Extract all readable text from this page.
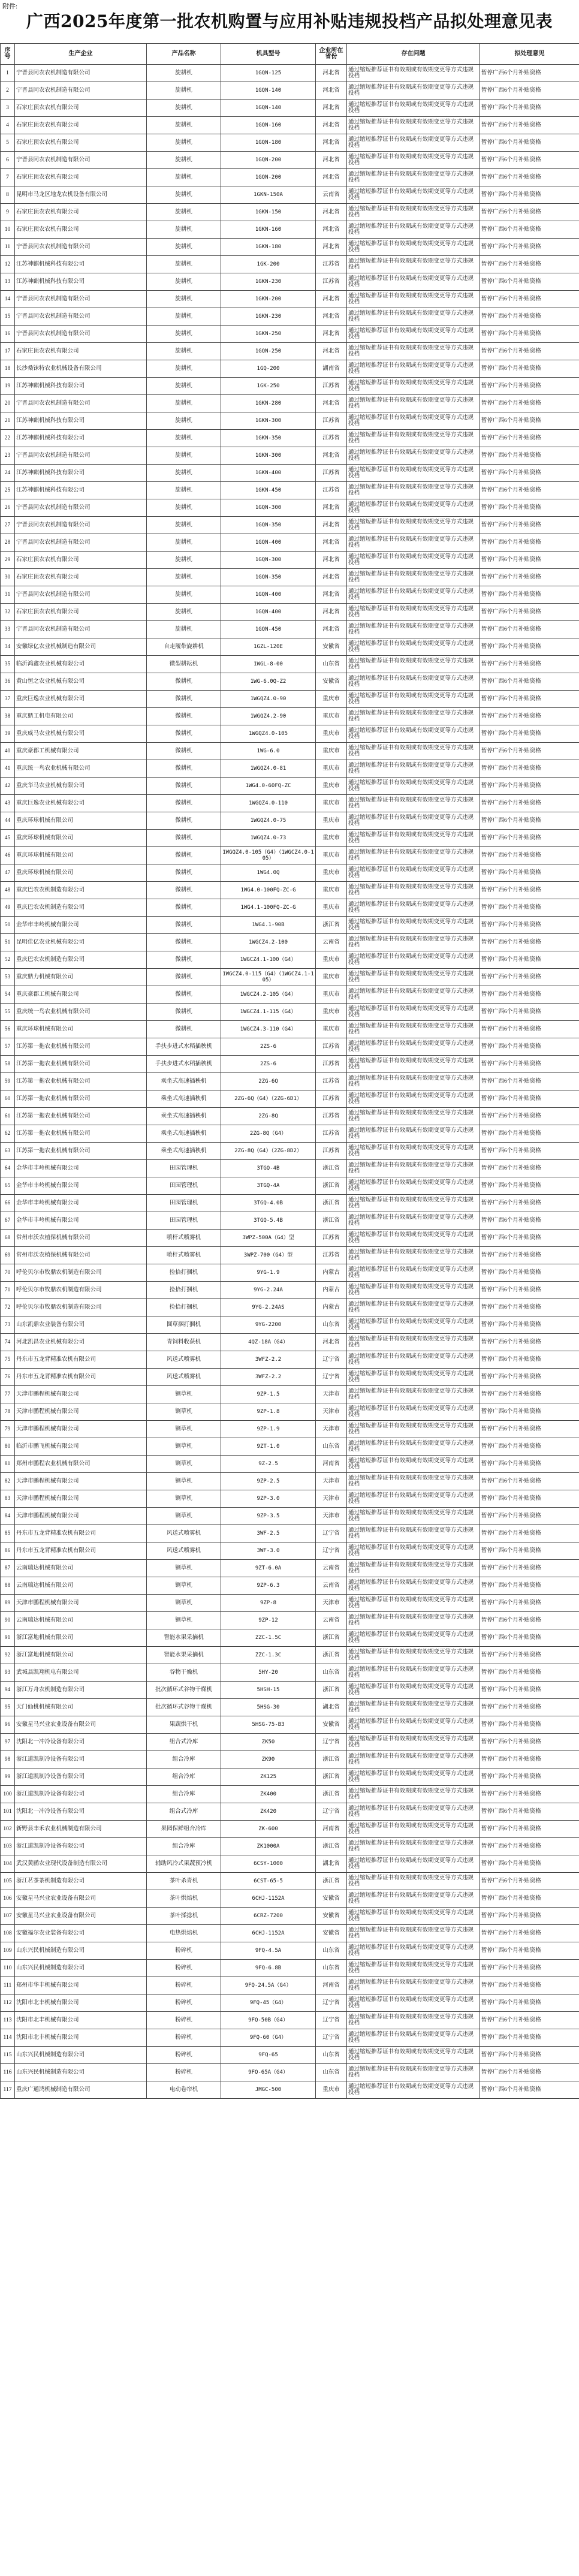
附件:
广西2025年度第一批农机购置与应用补贴违规投档产品拟处理意见表
序号	生产企业	产品名称	机具型号	企业所在省份	存在问题	拟处理意见
1	宁晋县同农农机制造有限公司	旋耕机	1GQN-125	河北省	通过缩短推荐证书有效期或有效期变更等方式违规投档	暂停广西6个月补贴资格
2	宁晋县同农农机制造有限公司	旋耕机	1GQN-140	河北省	通过缩短推荐证书有效期或有效期变更等方式违规投档	暂停广西6个月补贴资格
3	石家庄顶农农机有限公司	旋耕机	1GQN-140	河北省	通过缩短推荐证书有效期或有效期变更等方式违规投档	暂停广西6个月补贴资格
4	石家庄顶农农机有限公司	旋耕机	1GQN-160	河北省	通过缩短推荐证书有效期或有效期变更等方式违规投档	暂停广西6个月补贴资格
5	石家庄顶农农机有限公司	旋耕机	1GQN-180	河北省	通过缩短推荐证书有效期或有效期变更等方式违规投档	暂停广西6个月补贴资格
6	宁晋县同农农机制造有限公司	旋耕机	1GQN-200	河北省	通过缩短推荐证书有效期或有效期变更等方式违规投档	暂停广西6个月补贴资格
7	石家庄顶农农机有限公司	旋耕机	1GQN-200	河北省	通过缩短推荐证书有效期或有效期变更等方式违规投档	暂停广西6个月补贴资格
8	昆明市马龙区地龙农机设备有限公司	旋耕机	1GKN-150A	云南省	通过缩短推荐证书有效期或有效期变更等方式违规投档	暂停广西6个月补贴资格
9	石家庄顶农农机有限公司	旋耕机	1GKN-150	河北省	通过缩短推荐证书有效期或有效期变更等方式违规投档	暂停广西6个月补贴资格
10	石家庄顶农农机有限公司	旋耕机	1GKN-160	河北省	通过缩短推荐证书有效期或有效期变更等方式违规投档	暂停广西6个月补贴资格
11	宁晋县同农农机制造有限公司	旋耕机	1GKN-180	河北省	通过缩短推荐证书有效期或有效期变更等方式违规投档	暂停广西6个月补贴资格
12	江苏神麒机械科技有限公司	旋耕机	1GK-200	江苏省	通过缩短推荐证书有效期或有效期变更等方式违规投档	暂停广西6个月补贴资格
13	江苏神麒机械科技有限公司	旋耕机	1GKN-230	江苏省	通过缩短推荐证书有效期或有效期变更等方式违规投档	暂停广西6个月补贴资格
14	宁晋县同农农机制造有限公司	旋耕机	1GKN-200	河北省	通过缩短推荐证书有效期或有效期变更等方式违规投档	暂停广西6个月补贴资格
15	宁晋县同农农机制造有限公司	旋耕机	1GKN-230	河北省	通过缩短推荐证书有效期或有效期变更等方式违规投档	暂停广西6个月补贴资格
16	宁晋县同农农机制造有限公司	旋耕机	1GKN-250	河北省	通过缩短推荐证书有效期或有效期变更等方式违规投档	暂停广西6个月补贴资格
17	石家庄顶农农机有限公司	旋耕机	1GQN-250	河北省	通过缩短推荐证书有效期或有效期变更等方式违规投档	暂停广西6个月补贴资格
18	长沙桑铼特农业机械设备有限公司	旋耕机	1GQ-200	湖南省	通过缩短推荐证书有效期或有效期变更等方式违规投档	暂停广西6个月补贴资格
19	江苏神麒机械科技有限公司	旋耕机	1GK-250	江苏省	通过缩短推荐证书有效期或有效期变更等方式违规投档	暂停广西6个月补贴资格
20	宁晋县同农农机制造有限公司	旋耕机	1GKN-280	河北省	通过缩短推荐证书有效期或有效期变更等方式违规投档	暂停广西6个月补贴资格
21	江苏神麒机械科技有限公司	旋耕机	1GKN-300	江苏省	通过缩短推荐证书有效期或有效期变更等方式违规投档	暂停广西6个月补贴资格
22	江苏神麒机械科技有限公司	旋耕机	1GKN-350	江苏省	通过缩短推荐证书有效期或有效期变更等方式违规投档	暂停广西6个月补贴资格
23	宁晋县同农农机制造有限公司	旋耕机	1GKN-300	河北省	通过缩短推荐证书有效期或有效期变更等方式违规投档	暂停广西6个月补贴资格
24	江苏神麒机械科技有限公司	旋耕机	1GKN-400	江苏省	通过缩短推荐证书有效期或有效期变更等方式违规投档	暂停广西6个月补贴资格
25	江苏神麒机械科技有限公司	旋耕机	1GKN-450	江苏省	通过缩短推荐证书有效期或有效期变更等方式违规投档	暂停广西6个月补贴资格
26	宁晋县同农农机制造有限公司	旋耕机	1GQN-300	河北省	通过缩短推荐证书有效期或有效期变更等方式违规投档	暂停广西6个月补贴资格
27	宁晋县同农农机制造有限公司	旋耕机	1GQN-350	河北省	通过缩短推荐证书有效期或有效期变更等方式违规投档	暂停广西6个月补贴资格
28	宁晋县同农农机制造有限公司	旋耕机	1GQN-400	河北省	通过缩短推荐证书有效期或有效期变更等方式违规投档	暂停广西6个月补贴资格
29	石家庄顶农农机有限公司	旋耕机	1GQN-300	河北省	通过缩短推荐证书有效期或有效期变更等方式违规投档	暂停广西6个月补贴资格
30	石家庄顶农农机有限公司	旋耕机	1GQN-350	河北省	通过缩短推荐证书有效期或有效期变更等方式违规投档	暂停广西6个月补贴资格
31	宁晋县同农农机制造有限公司	旋耕机	1GQN-400	河北省	通过缩短推荐证书有效期或有效期变更等方式违规投档	暂停广西6个月补贴资格
32	石家庄顶农农机有限公司	旋耕机	1GQN-400	河北省	通过缩短推荐证书有效期或有效期变更等方式违规投档	暂停广西6个月补贴资格
33	宁晋县同农农机制造有限公司	旋耕机	1GQN-450	河北省	通过缩短推荐证书有效期或有效期变更等方式违规投档	暂停广西6个月补贴资格
34	安徽绿亿农业机械制造有限公司	自走履带旋耕机	1GZL-120E	安徽省	通过缩短推荐证书有效期或有效期变更等方式违规投档	暂停广西6个月补贴资格
35	临沂鸿鑫农业机械有限公司	微型耕耘机	1WGL-8-00	山东省	通过缩短推荐证书有效期或有效期变更等方式违规投档	暂停广西6个月补贴资格
36	黄山恒之农业机械有限公司	微耕机	1WG-6.0Q-Z2	安徽省	通过缩短推荐证书有效期或有效期变更等方式违规投档	暂停广西6个月补贴资格
37	重庆巨逸农业机械有限公司	微耕机	1WGQZ4.0-90	重庆市	通过缩短推荐证书有效期或有效期变更等方式违规投档	暂停广西6个月补贴资格
38	重庆鼎工机电有限公司	微耕机	1WGQZ4.2-90	重庆市	通过缩短推荐证书有效期或有效期变更等方式违规投档	暂停广西6个月补贴资格
39	重庆威马农业机械有限公司	微耕机	1WGQZ4.0-105	重庆市	通过缩短推荐证书有效期或有效期变更等方式违规投档	暂停广西6个月补贴资格
40	重庆豪郡工机械有限公司	微耕机	1WG-6.0	重庆市	通过缩短推荐证书有效期或有效期变更等方式违规投档	暂停广西6个月补贴资格
41	重庆统一鸟农业机械有限公司	微耕机	1WGQZ4.0-81	重庆市	通过缩短推荐证书有效期或有效期变更等方式违规投档	暂停广西6个月补贴资格
42	重庆华马农业机械有限公司	微耕机	1WG4.0-60FQ-ZC	重庆市	通过缩短推荐证书有效期或有效期变更等方式违规投档	暂停广西6个月补贴资格
43	重庆巨逸农业机械有限公司	微耕机	1WGQZ4.0-110	重庆市	通过缩短推荐证书有效期或有效期变更等方式违规投档	暂停广西6个月补贴资格
44	重庆环球机械有限公司	微耕机	1WGQZ4.0-75	重庆市	通过缩短推荐证书有效期或有效期变更等方式违规投档	暂停广西6个月补贴资格
45	重庆环球机械有限公司	微耕机	1WGQZ4.0-73	重庆市	通过缩短推荐证书有效期或有效期变更等方式违规投档	暂停广西6个月补贴资格
46	重庆环球机械有限公司	微耕机	1WGQZ4.0-105（G4）（1WGCZ4.0-105）	重庆市	通过缩短推荐证书有效期或有效期变更等方式违规投档	暂停广西6个月补贴资格
47	重庆环球机械有限公司	微耕机	1WG4.0Q	重庆市	通过缩短推荐证书有效期或有效期变更等方式违规投档	暂停广西6个月补贴资格
48	重庆巴农农机制造有限公司	微耕机	1WG4.0-100FQ-ZC-G	重庆市	通过缩短推荐证书有效期或有效期变更等方式违规投档	暂停广西6个月补贴资格
49	重庆巴农农机制造有限公司	微耕机	1WG4.1-100FQ-ZC-G	重庆市	通过缩短推荐证书有效期或有效期变更等方式违规投档	暂停广西6个月补贴资格
50	金华市丰岭机械有限公司	微耕机	1WG4.1-90B	浙江省	通过缩短推荐证书有效期或有效期变更等方式违规投档	暂停广西6个月补贴资格
51	昆明佳亿农业机械有限公司	微耕机	1WGCZ4.2-100	云南省	通过缩短推荐证书有效期或有效期变更等方式违规投档	暂停广西6个月补贴资格
52	重庆巴农农机制造有限公司	微耕机	1WGCZ4.1-100（G4）	重庆市	通过缩短推荐证书有效期或有效期变更等方式违规投档	暂停广西6个月补贴资格
53	重庆鼎力机械有限公司	微耕机	1WGCZ4.0-115（G4）（1WGCZ4.1-105）	重庆市	通过缩短推荐证书有效期或有效期变更等方式违规投档	暂停广西6个月补贴资格
54	重庆豪郡工机械有限公司	微耕机	1WGCZ4.2-105（G4）	重庆市	通过缩短推荐证书有效期或有效期变更等方式违规投档	暂停广西6个月补贴资格
55	重庆统一鸟农业机械有限公司	微耕机	1WGCZ4.1-115（G4）	重庆市	通过缩短推荐证书有效期或有效期变更等方式违规投档	暂停广西6个月补贴资格
56	重庆环球机械有限公司	微耕机	1WGCZ4.3-110（G4）	重庆市	通过缩短推荐证书有效期或有效期变更等方式违规投档	暂停广西6个月补贴资格
57	江苏第一拖农业机械有限公司	手扶步进式水稻插秧机	2ZS-6	江苏省	通过缩短推荐证书有效期或有效期变更等方式违规投档	暂停广西6个月补贴资格
58	江苏第一拖农业机械有限公司	手扶步进式水稻插秧机	2ZS-6	江苏省	通过缩短推荐证书有效期或有效期变更等方式违规投档	暂停广西6个月补贴资格
59	江苏第一拖农业机械有限公司	乘坐式高速插秧机	2ZG-6Q	江苏省	通过缩短推荐证书有效期或有效期变更等方式违规投档	暂停广西6个月补贴资格
60	江苏第一拖农业机械有限公司	乘坐式高速插秧机	2ZG-6Q（G4）（2ZG-6D1）	江苏省	通过缩短推荐证书有效期或有效期变更等方式违规投档	暂停广西6个月补贴资格
61	江苏第一拖农业机械有限公司	乘坐式高速插秧机	2ZG-8Q	江苏省	通过缩短推荐证书有效期或有效期变更等方式违规投档	暂停广西6个月补贴资格
62	江苏第一拖农业机械有限公司	乘坐式高速插秧机	2ZG-8Q（G4）	江苏省	通过缩短推荐证书有效期或有效期变更等方式违规投档	暂停广西6个月补贴资格
63	江苏第一拖农业机械有限公司	乘坐式高速插秧机	2ZG-8Q（G4）（2ZG-8D2）	江苏省	通过缩短推荐证书有效期或有效期变更等方式违规投档	暂停广西6个月补贴资格
64	金华市丰岭机械有限公司	田园管理机	3TGQ-4B	浙江省	通过缩短推荐证书有效期或有效期变更等方式违规投档	暂停广西6个月补贴资格
65	金华市丰岭机械有限公司	田园管理机	3TGQ-4A	浙江省	通过缩短推荐证书有效期或有效期变更等方式违规投档	暂停广西6个月补贴资格
66	金华市丰岭机械有限公司	田园管理机	3TGQ-4.0B	浙江省	通过缩短推荐证书有效期或有效期变更等方式违规投档	暂停广西6个月补贴资格
67	金华市丰岭机械有限公司	田园管理机	3TGQ-5.4B	浙江省	通过缩短推荐证书有效期或有效期变更等方式违规投档	暂停广西6个月补贴资格
68	常州市沃农植保机械有限公司	喷杆式喷雾机	3WPZ-500A（G4）型	江苏省	通过缩短推荐证书有效期或有效期变更等方式违规投档	暂停广西6个月补贴资格
69	常州市沃农植保机械有限公司	喷杆式喷雾机	3WPZ-700（G4）型	江苏省	通过缩短推荐证书有效期或有效期变更等方式违规投档	暂停广西6个月补贴资格
70	呼伦贝尔市牧鼎农机制造有限公司	捡拾打捆机	9YG-1.9	内蒙古	通过缩短推荐证书有效期或有效期变更等方式违规投档	暂停广西6个月补贴资格
71	呼伦贝尔市牧鼎农机制造有限公司	捡拾打捆机	9YG-2.24A	内蒙古	通过缩短推荐证书有效期或有效期变更等方式违规投档	暂停广西6个月补贴资格
72	呼伦贝尔市牧鼎农机制造有限公司	捡拾打捆机	9YG-2.24AS	内蒙古	通过缩短推荐证书有效期或有效期变更等方式违规投档	暂停广西6个月补贴资格
73	山东凯鼎农业装备有限公司	圆草捆打捆机	9YG-2200	山东省	通过缩短推荐证书有效期或有效期变更等方式违规投档	暂停广西6个月补贴资格
74	河北凯昌农业机械有限公司	青饲料收获机	4QZ-18A（G4）	河北省	通过缩短推荐证书有效期或有效期变更等方式违规投档	暂停广西6个月补贴资格
75	丹东市五龙背精准农机有限公司	风送式喷雾机	3WFZ-2.2	辽宁省	通过缩短推荐证书有效期或有效期变更等方式违规投档	暂停广西6个月补贴资格
76	丹东市五龙背精准农机有限公司	风送式喷雾机	3WFZ-2.2	辽宁省	通过缩短推荐证书有效期或有效期变更等方式违规投档	暂停广西6个月补贴资格
77	天津市鹏程机械有限公司	铡草机	9ZP-1.5	天津市	通过缩短推荐证书有效期或有效期变更等方式违规投档	暂停广西6个月补贴资格
78	天津市鹏程机械有限公司	铡草机	9ZP-1.8	天津市	通过缩短推荐证书有效期或有效期变更等方式违规投档	暂停广西6个月补贴资格
79	天津市鹏程机械有限公司	铡草机	9ZP-1.9	天津市	通过缩短推荐证书有效期或有效期变更等方式违规投档	暂停广西6个月补贴资格
80	临沂市鹏飞机械有限公司	铡草机	9ZT-1.0	山东省	通过缩短推荐证书有效期或有效期变更等方式违规投档	暂停广西6个月补贴资格
81	郑州市鹏程农业机械有限公司	铡草机	9Z-2.5	河南省	通过缩短推荐证书有效期或有效期变更等方式违规投档	暂停广西6个月补贴资格
82	天津市鹏程机械有限公司	铡草机	9ZP-2.5	天津市	通过缩短推荐证书有效期或有效期变更等方式违规投档	暂停广西6个月补贴资格
83	天津市鹏程机械有限公司	铡草机	9ZP-3.0	天津市	通过缩短推荐证书有效期或有效期变更等方式违规投档	暂停广西6个月补贴资格
84	天津市鹏程机械有限公司	铡草机	9ZP-3.5	天津市	通过缩短推荐证书有效期或有效期变更等方式违规投档	暂停广西6个月补贴资格
85	丹东市五龙背精准农机有限公司	风送式喷雾机	3WF-2.5	辽宁省	通过缩短推荐证书有效期或有效期变更等方式违规投档	暂停广西6个月补贴资格
86	丹东市五龙背精准农机有限公司	风送式喷雾机	3WF-3.0	辽宁省	通过缩短推荐证书有效期或有效期变更等方式违规投档	暂停广西6个月补贴资格
87	云南瑞达机械有限公司	铡草机	9ZT-6.0A	云南省	通过缩短推荐证书有效期或有效期变更等方式违规投档	暂停广西6个月补贴资格
88	云南瑞达机械有限公司	铡草机	9ZP-6.3	云南省	通过缩短推荐证书有效期或有效期变更等方式违规投档	暂停广西6个月补贴资格
89	天津市鹏程机械有限公司	铡草机	9ZP-8	天津市	通过缩短推荐证书有效期或有效期变更等方式违规投档	暂停广西6个月补贴资格
90	云南瑞达机械有限公司	铡草机	9ZP-12	云南省	通过缩短推荐证书有效期或有效期变更等方式违规投档	暂停广西6个月补贴资格
91	浙江富地机械有限公司	智能水果采摘机	ZZC-1.5C	浙江省	通过缩短推荐证书有效期或有效期变更等方式违规投档	暂停广西6个月补贴资格
92	浙江富地机械有限公司	智能水果采摘机	ZZC-1.3C	浙江省	通过缩短推荐证书有效期或有效期变更等方式违规投档	暂停广西6个月补贴资格
93	武城县凯翔机电有限公司	谷物干燥机	5HY-20	山东省	通过缩短推荐证书有效期或有效期变更等方式违规投档	暂停广西6个月补贴资格
94	浙江万舟农机制造有限公司	批次循环式谷物干燥机	5HSH-15	浙江省	通过缩短推荐证书有效期或有效期变更等方式违规投档	暂停广西6个月补贴资格
95	天门仙桃机械有限公司	批次循环式谷物干燥机	5HSG-30	湖北省	通过缩短推荐证书有效期或有效期变更等方式违规投档	暂停广西6个月补贴资格
96	安徽星马兴业农业设备有限公司	果蔬烘干机	5HSG-75-B3	安徽省	通过缩短推荐证书有效期或有效期变更等方式违规投档	暂停广西6个月补贴资格
97	沈阳北一冲冷设备有限公司	组合式冷库	ZK50	辽宁省	通过缩短推荐证书有效期或有效期变更等方式违规投档	暂停广西6个月补贴资格
98	浙江道凯制冷设备有限公司	组合冷库	ZK90	浙江省	通过缩短推荐证书有效期或有效期变更等方式违规投档	暂停广西6个月补贴资格
99	浙江道凯制冷设备有限公司	组合冷库	ZK125	浙江省	通过缩短推荐证书有效期或有效期变更等方式违规投档	暂停广西6个月补贴资格
100	浙江道凯制冷设备有限公司	组合冷库	ZK400	浙江省	通过缩短推荐证书有效期或有效期变更等方式违规投档	暂停广西6个月补贴资格
101	沈阳北一冲冷设备有限公司	组合式冷库	ZK420	辽宁省	通过缩短推荐证书有效期或有效期变更等方式违规投档	暂停广西6个月补贴资格
102	新野县丰禾农业机械制造有限公司	果园保鲜组合冷库	ZK-600	河南省	通过缩短推荐证书有效期或有效期变更等方式违规投档	暂停广西6个月补贴资格
103	浙江道凯制冷设备有限公司	组合冷库	ZK1000A	浙江省	通过缩短推荐证书有效期或有效期变更等方式违规投档	暂停广西6个月补贴资格
104	武汉黄鹂农业现代设备制造有限公司	辅助风冷式果蔬预冷机	6CSY-1000	湖北省	通过缩短推荐证书有效期或有效期变更等方式违规投档	暂停广西6个月补贴资格
105	浙江茗茶茶机制造有限公司	茶叶杀青机	6CST-65-5	浙江省	通过缩短推荐证书有效期或有效期变更等方式违规投档	暂停广西6个月补贴资格
106	安徽星马兴业农业设备有限公司	茶叶烘焙机	6CHJ-1152A	安徽省	通过缩短推荐证书有效期或有效期变更等方式违规投档	暂停广西6个月补贴资格
107	安徽星马兴业农业设备有限公司	茶叶揉捻机	6CRZ-7200	安徽省	通过缩短推荐证书有效期或有效期变更等方式违规投档	暂停广西6个月补贴资格
108	安徽福尔农业装备有限公司	电热烘焙机	6CHJ-1152A	安徽省	通过缩短推荐证书有效期或有效期变更等方式违规投档	暂停广西6个月补贴资格
109	山东兴民机械制造有限公司	粉碎机	9FQ-4.5A	山东省	通过缩短推荐证书有效期或有效期变更等方式违规投档	暂停广西6个月补贴资格
110	山东兴民机械制造有限公司	粉碎机	9FQ-6.8B	山东省	通过缩短推荐证书有效期或有效期变更等方式违规投档	暂停广西6个月补贴资格
111	郑州市华丰机械有限公司	粉碎机	9FQ-24.5A（G4）	河南省	通过缩短推荐证书有效期或有效期变更等方式违规投档	暂停广西6个月补贴资格
112	沈阳市北丰机械有限公司	粉碎机	9FQ-45（G4）	辽宁省	通过缩短推荐证书有效期或有效期变更等方式违规投档	暂停广西6个月补贴资格
113	沈阳市北丰机械有限公司	粉碎机	9FQ-50B（G4）	辽宁省	通过缩短推荐证书有效期或有效期变更等方式违规投档	暂停广西6个月补贴资格
114	沈阳市北丰机械有限公司	粉碎机	9FQ-60（G4）	辽宁省	通过缩短推荐证书有效期或有效期变更等方式违规投档	暂停广西6个月补贴资格
115	山东兴民机械制造有限公司	粉碎机	9FQ-65	山东省	通过缩短推荐证书有效期或有效期变更等方式违规投档	暂停广西6个月补贴资格
116	山东兴民机械制造有限公司	粉碎机	9FQ-65A（G4）	山东省	通过缩短推荐证书有效期或有效期变更等方式违规投档	暂停广西6个月补贴资格
117	重庆广通鸿机械制造有限公司	电动卷帘机	JMGC-500	重庆市	通过缩短推荐证书有效期或有效期变更等方式违规投档	暂停广西6个月补贴资格
